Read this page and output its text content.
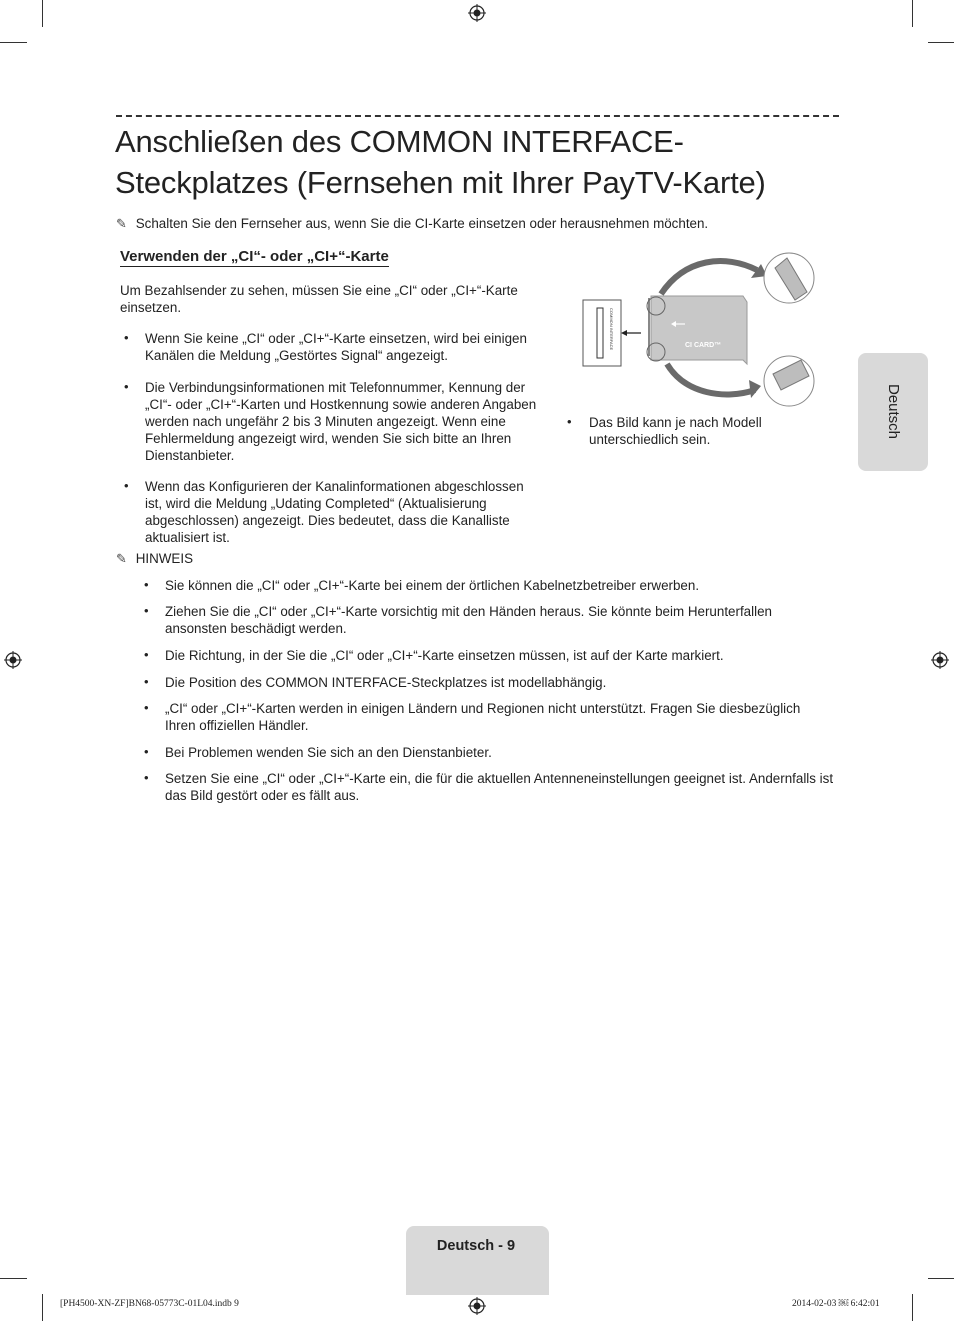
Anschließen des COMMON INTERFACE-Steckplatzes (Fernsehen mit Ihrer PayTV-Karte)
✎ Schalten Sie den Fernseher aus, wenn Sie die CI-Karte einsetzen oder herausnehmen möchten.
Verwenden der „CI“- oder „CI+“-Karte
Um Bezahlsender zu sehen, müssen Sie eine „CI“ oder „CI+“-Karte einsetzen.
• Wenn Sie keine „CI“ oder „CI+“-Karte einsetzen, wird bei einigen Kanälen die Meldung „Gestörtes Signal“ angezeigt.
• Die Verbindungsinformationen mit Telefonnummer, Kennung der „CI“- oder „CI+“-Karten und Hostkennung sowie anderen Angaben werden nach ungefähr 2 bis 3 Minuten angezeigt. Wenn eine Fehlermeldung angezeigt wird, wenden Sie sich bitte an Ihren Dienstanbieter.
• Wenn das Konfigurieren der Kanalinformationen abgeschlossen ist, wird die Meldung „Udating Completed“ (Aktualisierung abgeschlossen) angezeigt. Dies bedeutet, dass die Kanalliste aktualisiert ist.
COMMON INTERFACE	CI CARD™
• Das Bild kann je nach Modell unterschiedlich sein.
✎ HINWEIS
• Sie können die „CI“ oder „CI+“-Karte bei einem der örtlichen Kabelnetzbetreiber erwerben.
• Ziehen Sie die „CI“ oder „CI+“-Karte vorsichtig mit den Händen heraus. Sie könnte beim Herunterfallen ansonsten beschädigt werden.
• Die Richtung, in der Sie die „CI“ oder „CI+“-Karte einsetzen müssen, ist auf der Karte markiert.
• Die Position des COMMON INTERFACE-Steckplatzes ist modellabhängig.
• „CI“ oder „CI+“-Karten werden in einigen Ländern und Regionen nicht unterstützt. Fragen Sie diesbezüglich Ihren offiziellen Händler.
• Bei Problemen wenden Sie sich an den Dienstanbieter.
• Setzen Sie eine „CI“ oder „CI+“-Karte ein, die für die aktuellen Antenneneinstellungen geeignet ist. Andernfalls ist das Bild gestört oder es fällt aus.
Deutsch
Deutsch - 9
[PH4500-XN-ZF]BN68-05773C-01L04.indb 9	2014-02-03 ￼ 6:42:01
